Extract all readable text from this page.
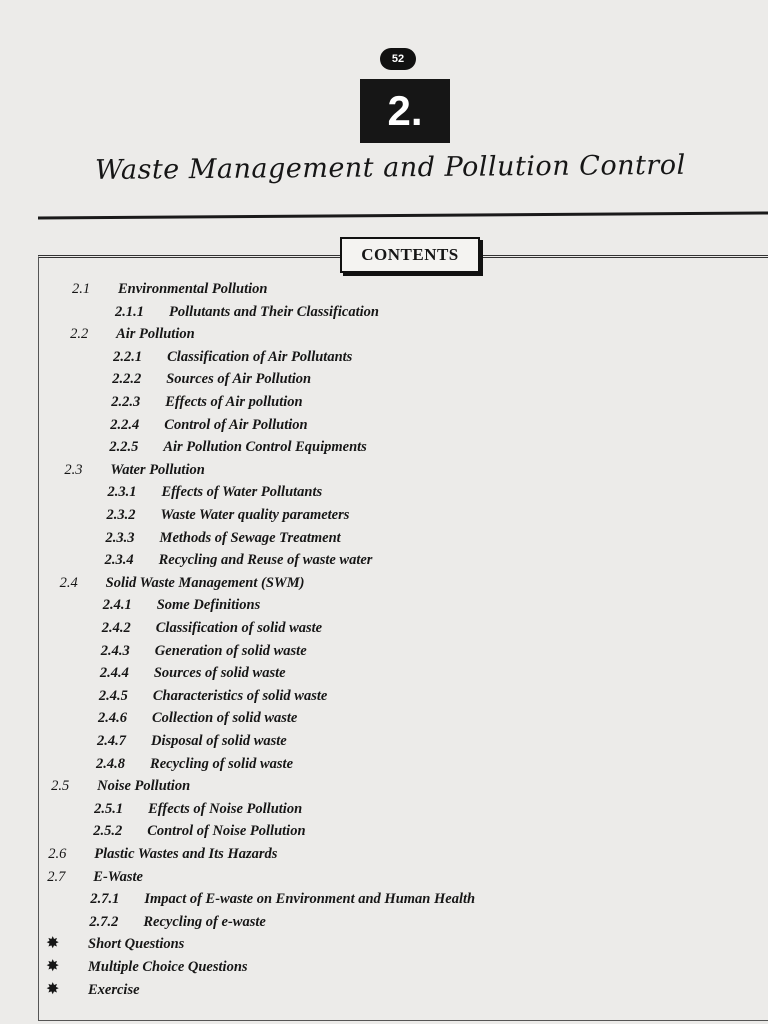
52
2.
Waste Management and Pollution Control
CONTENTS
2.1 Environmental Pollution
2.1.1 Pollutants and Their Classification
2.2 Air Pollution
2.2.1 Classification of Air Pollutants
2.2.2 Sources of Air Pollution
2.2.3 Effects of Air pollution
2.2.4 Control of Air Pollution
2.2.5 Air Pollution Control Equipments
2.3 Water Pollution
2.3.1 Effects of Water Pollutants
2.3.2 Waste Water quality parameters
2.3.3 Methods of Sewage Treatment
2.3.4 Recycling and Reuse of waste water
2.4 Solid Waste Management (SWM)
2.4.1 Some Definitions
2.4.2 Classification of solid waste
2.4.3 Generation of solid waste
2.4.4 Sources of solid waste
2.4.5 Characteristics of solid waste
2.4.6 Collection of solid waste
2.4.7 Disposal of solid waste
2.4.8 Recycling of solid waste
2.5 Noise Pollution
2.5.1 Effects of Noise Pollution
2.5.2 Control of Noise Pollution
2.6 Plastic Wastes and Its Hazards
2.7 E-Waste
2.7.1 Impact of E-waste on Environment and Human Health
2.7.2 Recycling of e-waste
✸ Short Questions
✸ Multiple Choice Questions
✸ Exercise
